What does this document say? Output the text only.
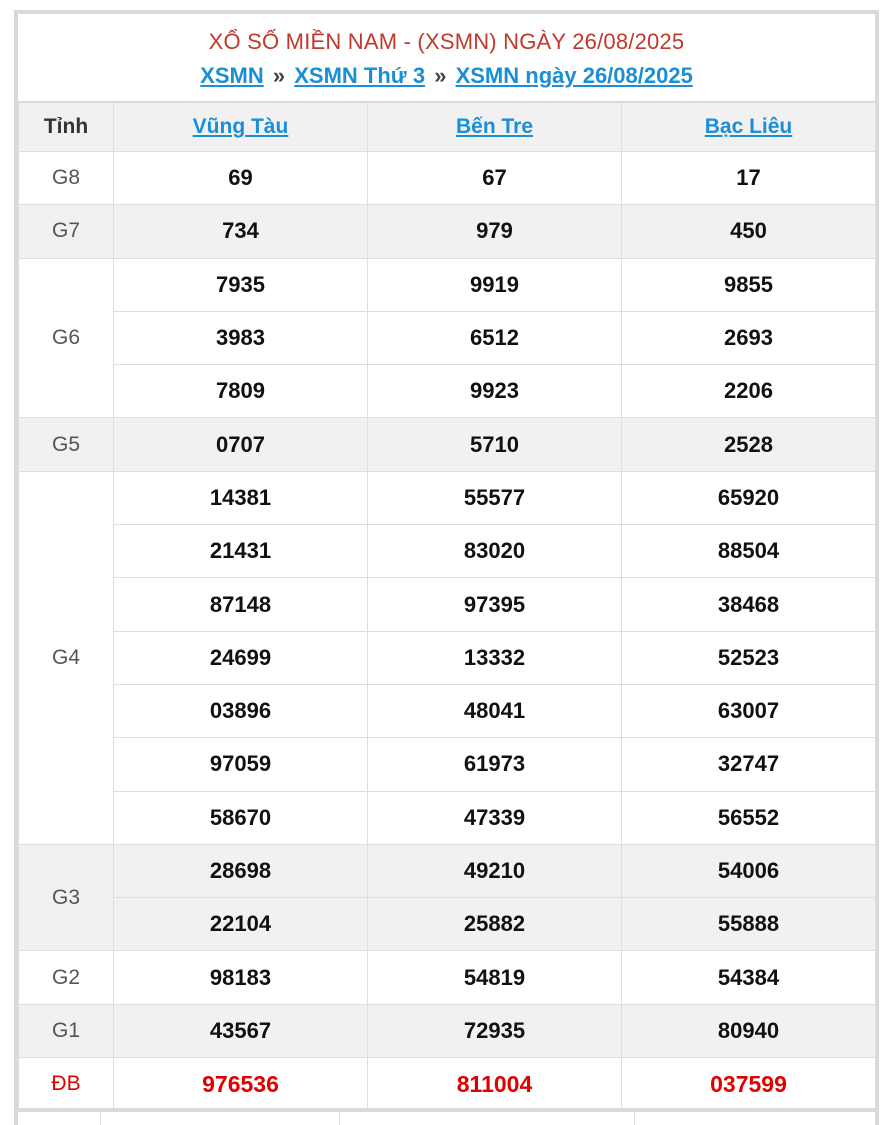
XỔ SỐ MIỀN NAM - (XSMN) NGÀY 26/08/2025
XSMN » XSMN Thứ 3 » XSMN ngày 26/08/2025
Tỉnh	Vũng Tàu	Bến Tre	Bạc Liêu
G8	69	67	17
G7	734	979	450
G6	7935	9919	9855
	3983	6512	2693
	7809	9923	2206
G5	0707	5710	2528
G4	14381	55577	65920
	21431	83020	88504
	87148	97395	38468
	24699	13332	52523
	03896	48041	63007
	97059	61973	32747
	58670	47339	56552
G3	28698	49210	54006
	22104	25882	55888
G2	98183	54819	54384
G1	43567	72935	80940
ĐB	976536	811004	037599
